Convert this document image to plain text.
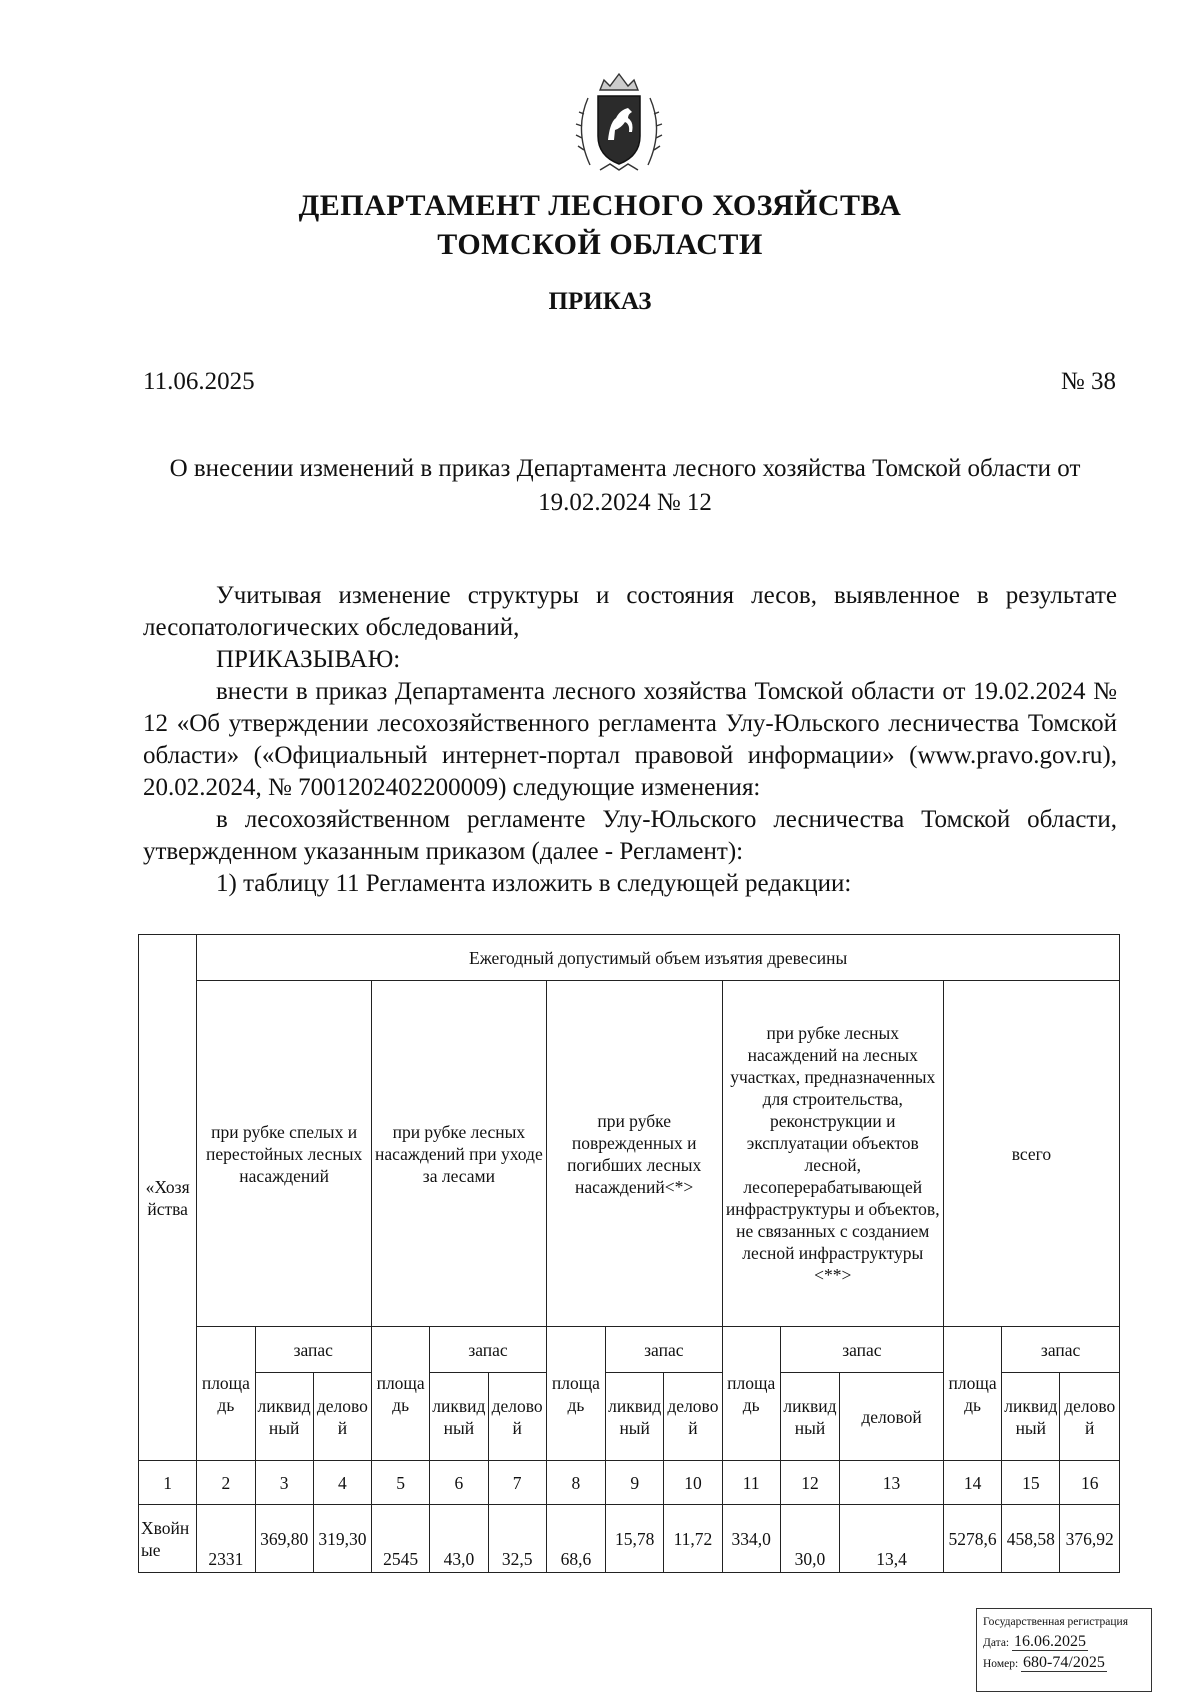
ДЕПАРТАМЕНТ ЛЕСНОГО ХОЗЯЙСТВА
ТОМСКОЙ ОБЛАСТИ
ПРИКАЗ
11.06.2025	№ 38
О внесении изменений в приказ Департамента лесного хозяйства Томской области от 19.02.2024 № 12

Учитывая изменение структуры и состояния лесов, выявленное в результате лесопатологических обследований,

ПРИКАЗЫВАЮ:

внести в приказ Департамента лесного хозяйства Томской области от 19.02.2024 № 12 «Об утверждении лесохозяйственного регламента Улу-Юльского лесничества Томской области» («Официальный интернет-портал правовой информации» (www.pravo.gov.ru), 20.02.2024, № 7001202402200009) следующие изменения:

в лесохозяйственном регламенте Улу-Юльского лесничества Томской области, утвержденном указанным приказом (далее - Регламент):

1) таблицу 11 Регламента изложить в следующей редакции:

«Хозяйства	Ежегодный допустимый объем изъятия древесины														
	при рубке спелых и перестойных лесных насаждений			при рубке лесных насаждений при уходе за лесами			при рубке поврежденных и погибших лесных насаждений<*>			при рубке лесных насаждений на лесных участках, предназначенных для строительства, реконструкции и эксплуатации объектов лесной, лесоперерабатывающей инфраструктуры и объектов, не связанных с созданием лесной инфраструктуры <**>			всего		
	площадь	запас		площадь	запас		площадь	запас		площадь	запас		площадь	запас	
		ликвидный	деловой		ликвидный	деловой		ликвидный	деловой		ликвидный	деловой		ликвидный	деловой
1	2	3	4	5	6	7	8	9	10	11	12	13	14	15	16
Хвойные	2331	369,80	319,30	2545	43,0	32,5	68,6	15,78	11,72	334,0	30,0	13,4	5278,6	458,58	376,92
Государственная регистрация
Дата: 16.06.2025
Номер: 680-74/2025
